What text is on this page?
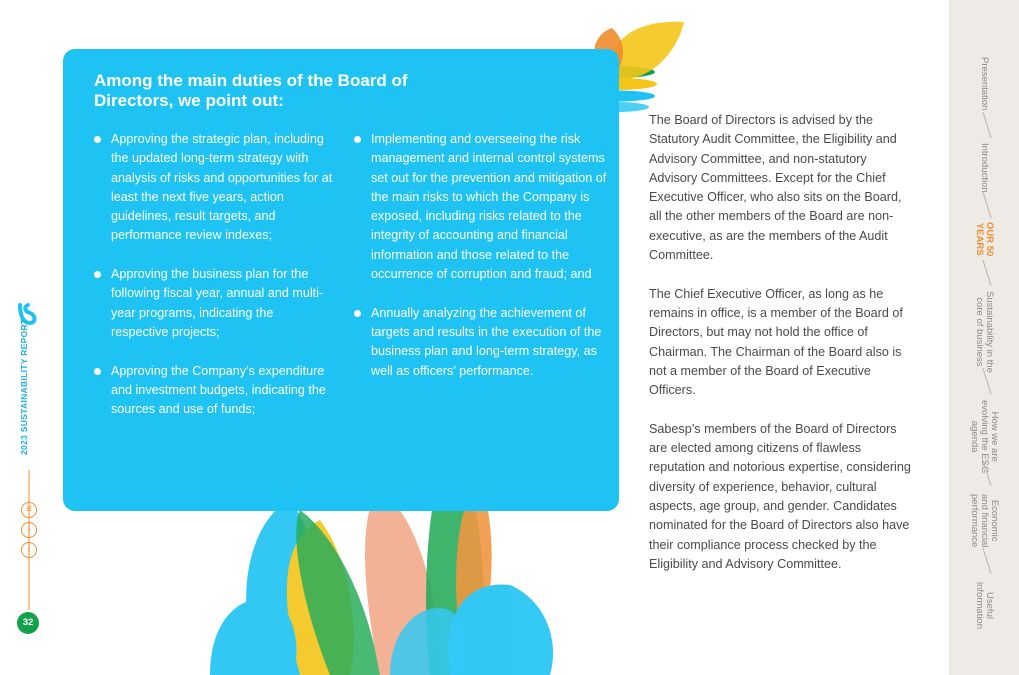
Among the main duties of the Board of Directors, we point out:
Approving the strategic plan, including the updated long-term strategy with analysis of risks and opportunities for at least the next five years, action guidelines, result targets, and performance review indexes;
Approving the business plan for the following fiscal year, annual and multi-year programs, indicating the respective projects;
Approving the Company’s expenditure and investment budgets, indicating the sources and use of funds;
Implementing and overseeing the risk management and internal control systems set out for the prevention and mitigation of the main risks to which the Company is exposed, including risks related to the integrity of accounting and financial information and those related to the occurrence of corruption and fraud; and
Annually analyzing the achievement of targets and results in the execution of the business plan and long-term strategy, as well as officers’ performance.

The Board of Directors is advised by the Statutory Audit Committee, the Eligibility and Advisory Committee, and non-statutory Advisory Committees. Except for the Chief Executive Officer, who also sits on the Board, all the other members of the Board are non-executive, as are the members of the Audit Committee.

The Chief Executive Officer, as long as he remains in office, is a member of the Board of Directors, but may not hold the office of Chairman. The Chairman of the Board also is not a member of the Board of Executive Officers.

Sabesp’s members of the Board of Directors are elected among citizens of flawless reputation and notorious expertise, considering diversity of experience, behavior, cultural aspects, age group, and gender. Candidates nominated for the Board of Directors also have their compliance process checked by the Eligibility and Advisory Committee.

Presentation
Introduction
OUR 50
YEARS
Sustainability in the
core of business
How we are
evolving the
agenda
Economic
and financial
performance
Useful
information
2023 SUSTAINABILITY REPORT
≡
›
‹
32
